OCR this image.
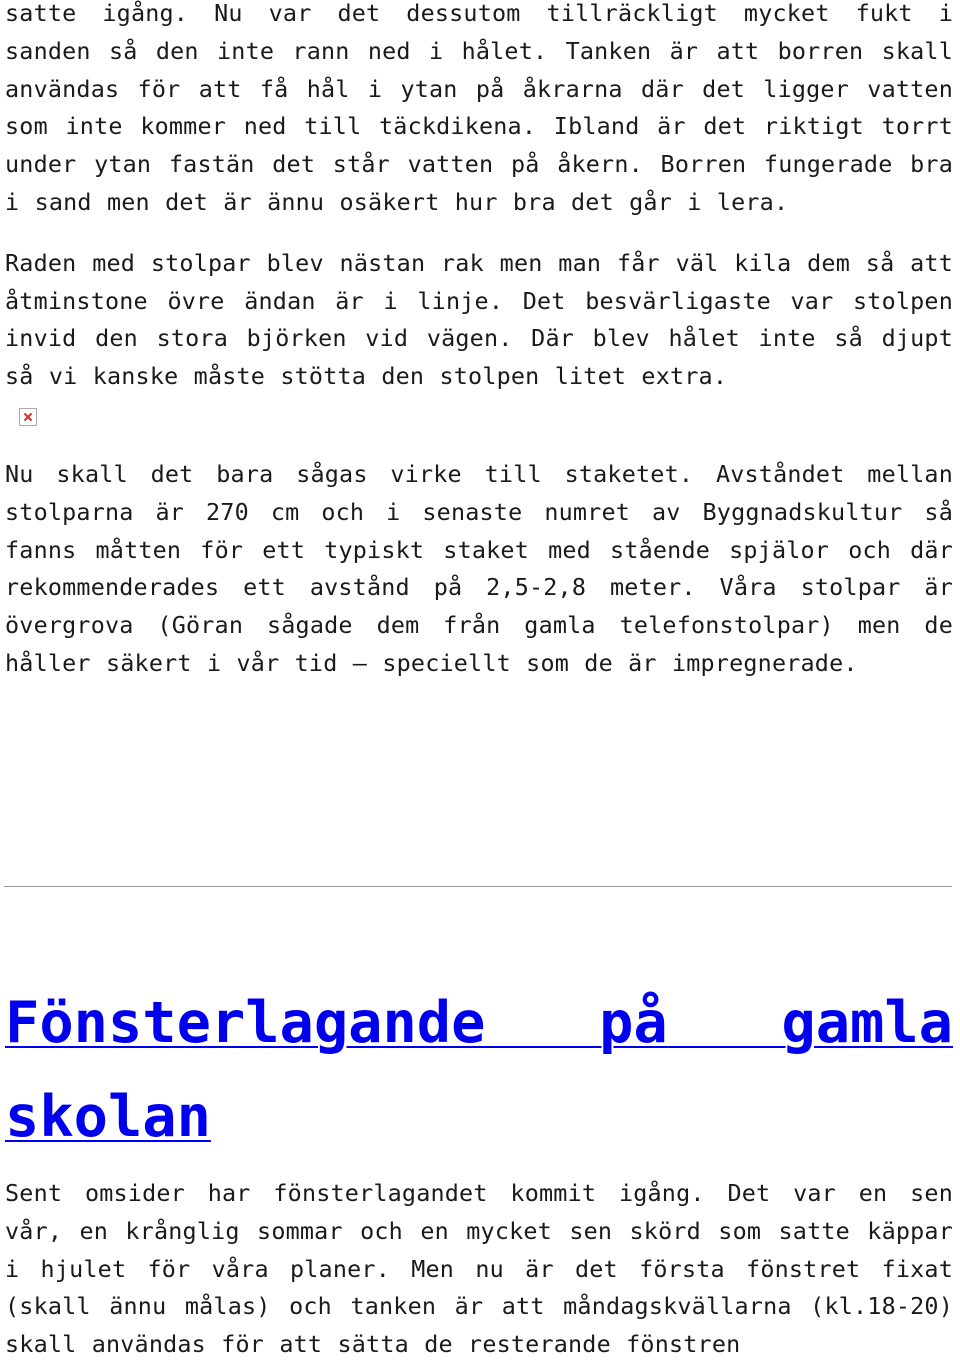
satte igång. Nu var det dessutom tillräckligt mycket fukt i sanden så den inte rann ned i hålet. Tanken är att borren skall användas för att få hål i ytan på åkrarna där det ligger vatten som inte kommer ned till täckdikena. Ibland är det riktigt torrt under ytan fastän det står vatten på åkern. Borren fungerade bra i sand men det är ännu osäkert hur bra det går i lera.

Raden med stolpar blev nästan rak men man får väl kila dem så att åtminstone övre ändan är i linje. Det besvärligaste var stolpen invid den stora björken vid vägen. Där blev hålet inte så djupt så vi kanske måste stötta den stolpen litet extra.

Nu skall det bara sågas virke till staketet. Avståndet mellan stolparna är 270 cm och i senaste numret av Byggnadskultur så fanns måtten för ett typiskt staket med stående spjälor och där rekommenderades ett avstånd på 2,5-2,8 meter. Våra stolpar är övergrova (Göran sågade dem från gamla telefonstolpar) men de håller säkert i vår tid – speciellt som de är impregnerade.

Fönsterlagande på gamla skolan

Sent omsider har fönsterlagandet kommit igång. Det var en sen vår, en krånglig sommar och en mycket sen skörd som satte käppar i hjulet för våra planer. Men nu är det första fönstret fixat (skall ännu målas) och tanken är att måndagskvällarna (kl.18-20) skall användas för att sätta de resterande fönstren
